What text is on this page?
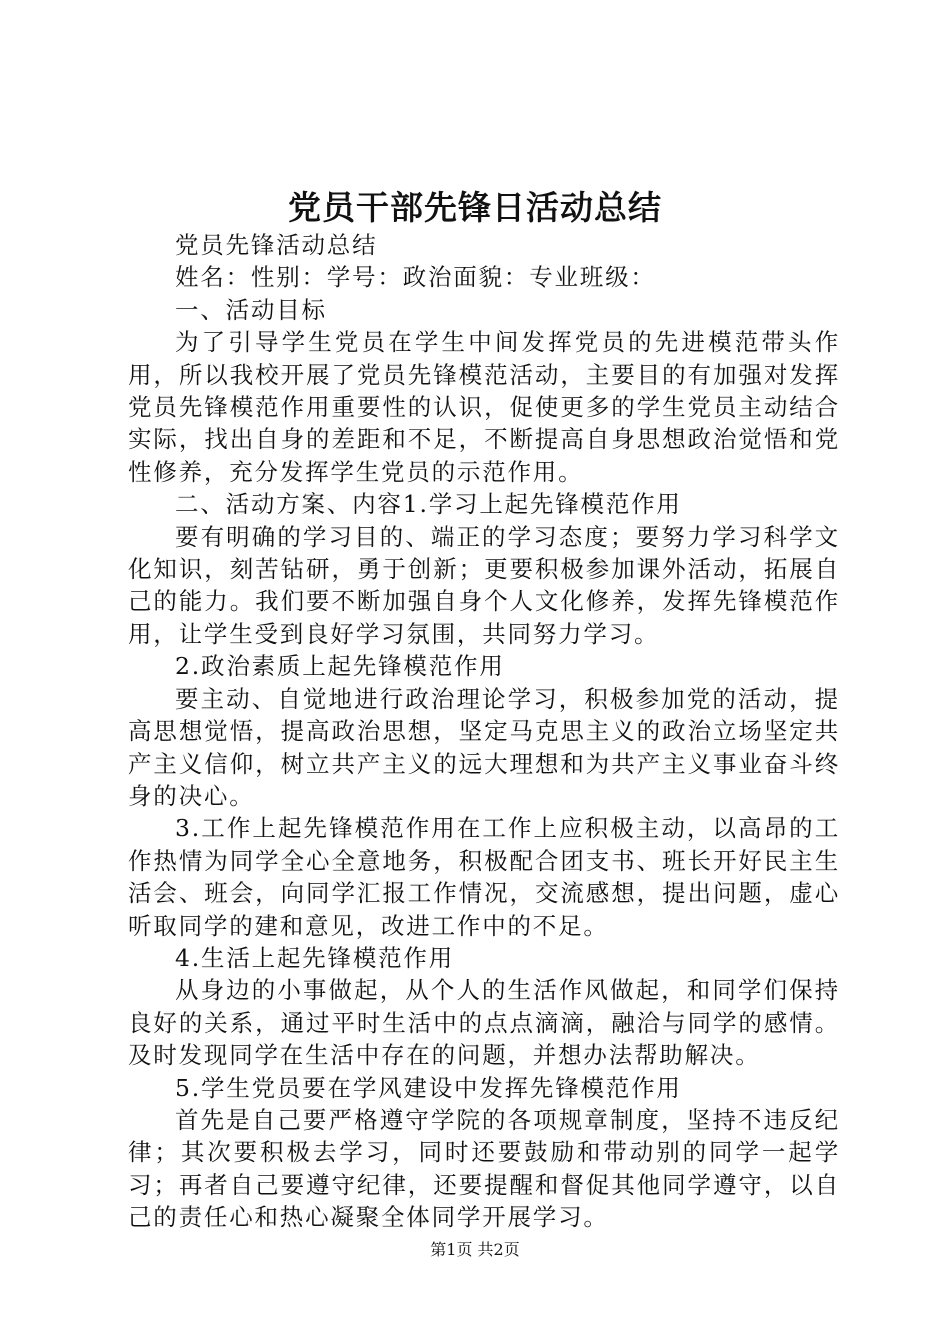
党员干部先锋日活动总结

党员先锋活动总结

姓名：性别：学号：政治面貌：专业班级：

一、活动目标

为了引导学生党员在学生中间发挥党员的先进模范带头作用，所以我校开展了党员先锋模范活动，主要目的有加强对发挥党员先锋模范作用重要性的认识，促使更多的学生党员主动结合实际，找出自身的差距和不足，不断提高自身思想政治觉悟和党性修养，充分发挥学生党员的示范作用。

二、活动方案、内容1.学习上起先锋模范作用

要有明确的学习目的、端正的学习态度；要努力学习科学文化知识，刻苦钻研，勇于创新；更要积极参加课外活动，拓展自己的能力。我们要不断加强自身个人文化修养，发挥先锋模范作用，让学生受到良好学习氛围，共同努力学习。

2.政治素质上起先锋模范作用

要主动、自觉地进行政治理论学习，积极参加党的活动，提高思想觉悟，提高政治思想，坚定马克思主义的政治立场坚定共产主义信仰，树立共产主义的远大理想和为共产主义事业奋斗终身的决心。

3.工作上起先锋模范作用在工作上应积极主动，以高昂的工作热情为同学全心全意地务，积极配合团支书、班长开好民主生活会、班会，向同学汇报工作情况，交流感想，提出问题，虚心听取同学的建和意见，改进工作中的不足。

4.生活上起先锋模范作用

从身边的小事做起，从个人的生活作风做起，和同学们保持良好的关系，通过平时生活中的点点滴滴，融洽与同学的感情。及时发现同学在生活中存在的问题，并想办法帮助解决。

5.学生党员要在学风建设中发挥先锋模范作用

首先是自己要严格遵守学院的各项规章制度，坚持不违反纪律；其次要积极去学习，同时还要鼓励和带动别的同学一起学习；再者自己要遵守纪律，还要提醒和督促其他同学遵守，以自己的责任心和热心凝聚全体同学开展学习。

第1页 共2页
